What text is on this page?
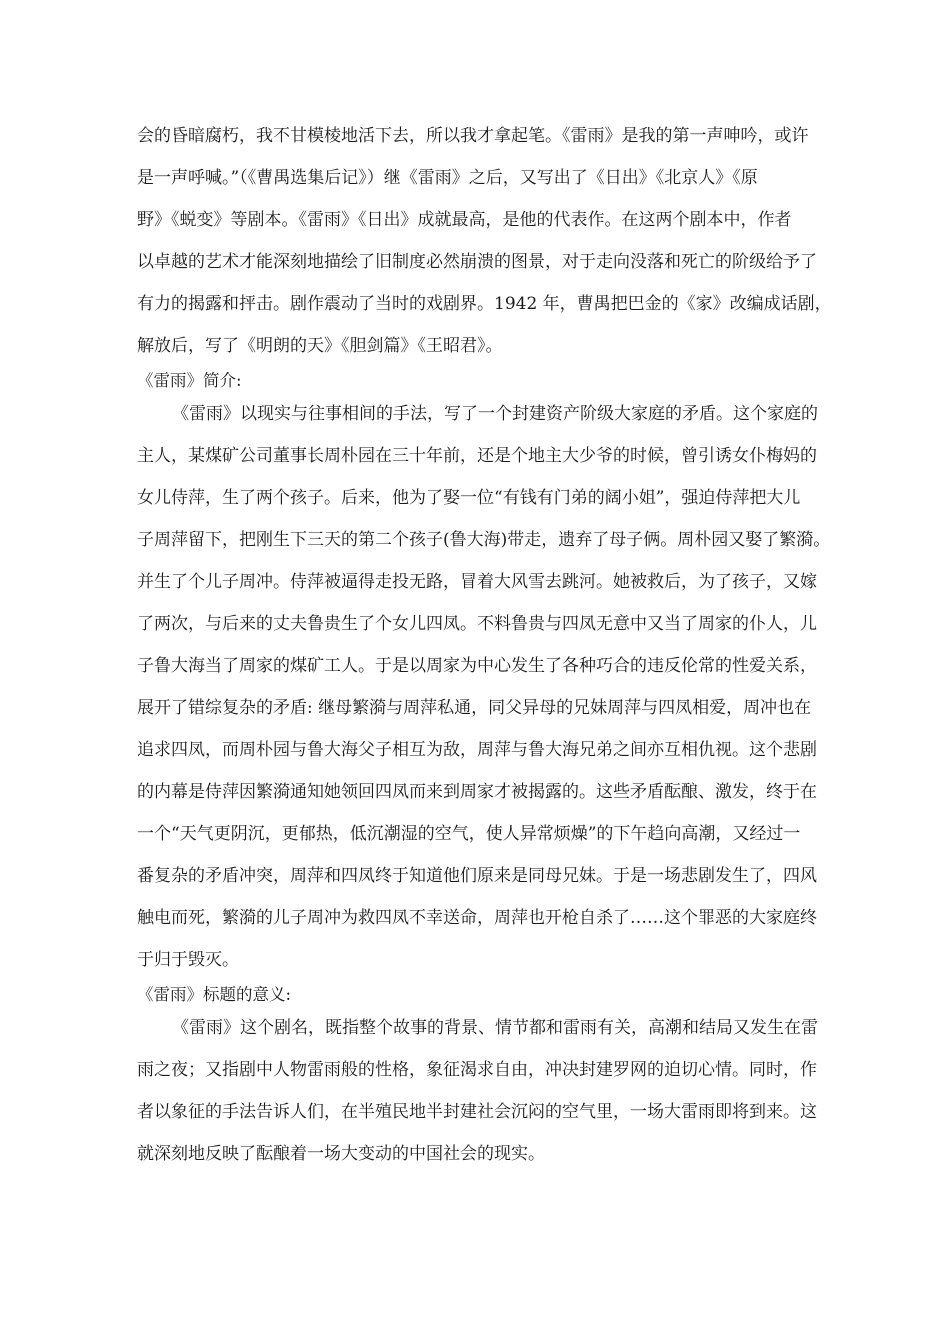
会的昏暗腐朽，我不甘模棱地活下去，所以我才拿起笔。《雷雨》是我的第一声呻吟，或许
是一声呼喊。”（《曹禺选集后记》）继《雷雨》之后，又写出了《日出》《北京人》《原
野》《蜕变》等剧本。《雷雨》《日出》成就最高，是他的代表作。在这两个剧本中，作者
以卓越的艺术才能深刻地描绘了旧制度必然崩溃的图景，对于走向没落和死亡的阶级给予了
有力的揭露和抨击。剧作震动了当时的戏剧界。1942 年，曹禺把巴金的《家》改编成话剧，
解放后，写了《明朗的天》《胆剑篇》《王昭君》。
《雷雨》简介:
《雷雨》以现实与往事相间的手法，写了一个封建资产阶级大家庭的矛盾。这个家庭的
主人，某煤矿公司董事长周朴园在三十年前，还是个地主大少爷的时候，曾引诱女仆梅妈的
女儿侍萍，生了两个孩子。后来，他为了娶一位“有钱有门弟的阔小姐”，强迫侍萍把大儿
子周萍留下，把刚生下三天的第二个孩子(鲁大海)带走，遗弃了母子俩。周朴园又娶了繁漪。
并生了个儿子周冲。侍萍被逼得走投无路，冒着大风雪去跳河。她被救后，为了孩子，又嫁
了两次，与后来的丈夫鲁贵生了个女儿四凤。不料鲁贵与四凤无意中又当了周家的仆人，儿
子鲁大海当了周家的煤矿工人。于是以周家为中心发生了各种巧合的违反伦常的性爱关系，
展开了错综复杂的矛盾: 继母繁漪与周萍私通，同父异母的兄妹周萍与四凤相爱，周冲也在
追求四凤，而周朴园与鲁大海父子相互为敌，周萍与鲁大海兄弟之间亦互相仇视。这个悲剧
的内幕是侍萍因繁漪通知她领回四凤而来到周家才被揭露的。这些矛盾酝酿、激发，终于在
一个“天气更阴沉，更郁热，低沉潮湿的空气，使人异常烦燥”的下午趋向高潮，又经过一
番复杂的矛盾冲突，周萍和四凤终于知道他们原来是同母兄妹。于是一场悲剧发生了，四风
触电而死，繁漪的儿子周冲为救四凤不幸送命，周萍也开枪自杀了……这个罪恶的大家庭终
于归于毁灭。
《雷雨》标题的意义:
《雷雨》这个剧名，既指整个故事的背景、情节都和雷雨有关，高潮和结局又发生在雷
雨之夜；又指剧中人物雷雨般的性格，象征渴求自由，冲决封建罗网的迫切心情。同时，作
者以象征的手法告诉人们，在半殖民地半封建社会沉闷的空气里，一场大雷雨即将到来。这
就深刻地反映了酝酿着一场大变动的中国社会的现实。
